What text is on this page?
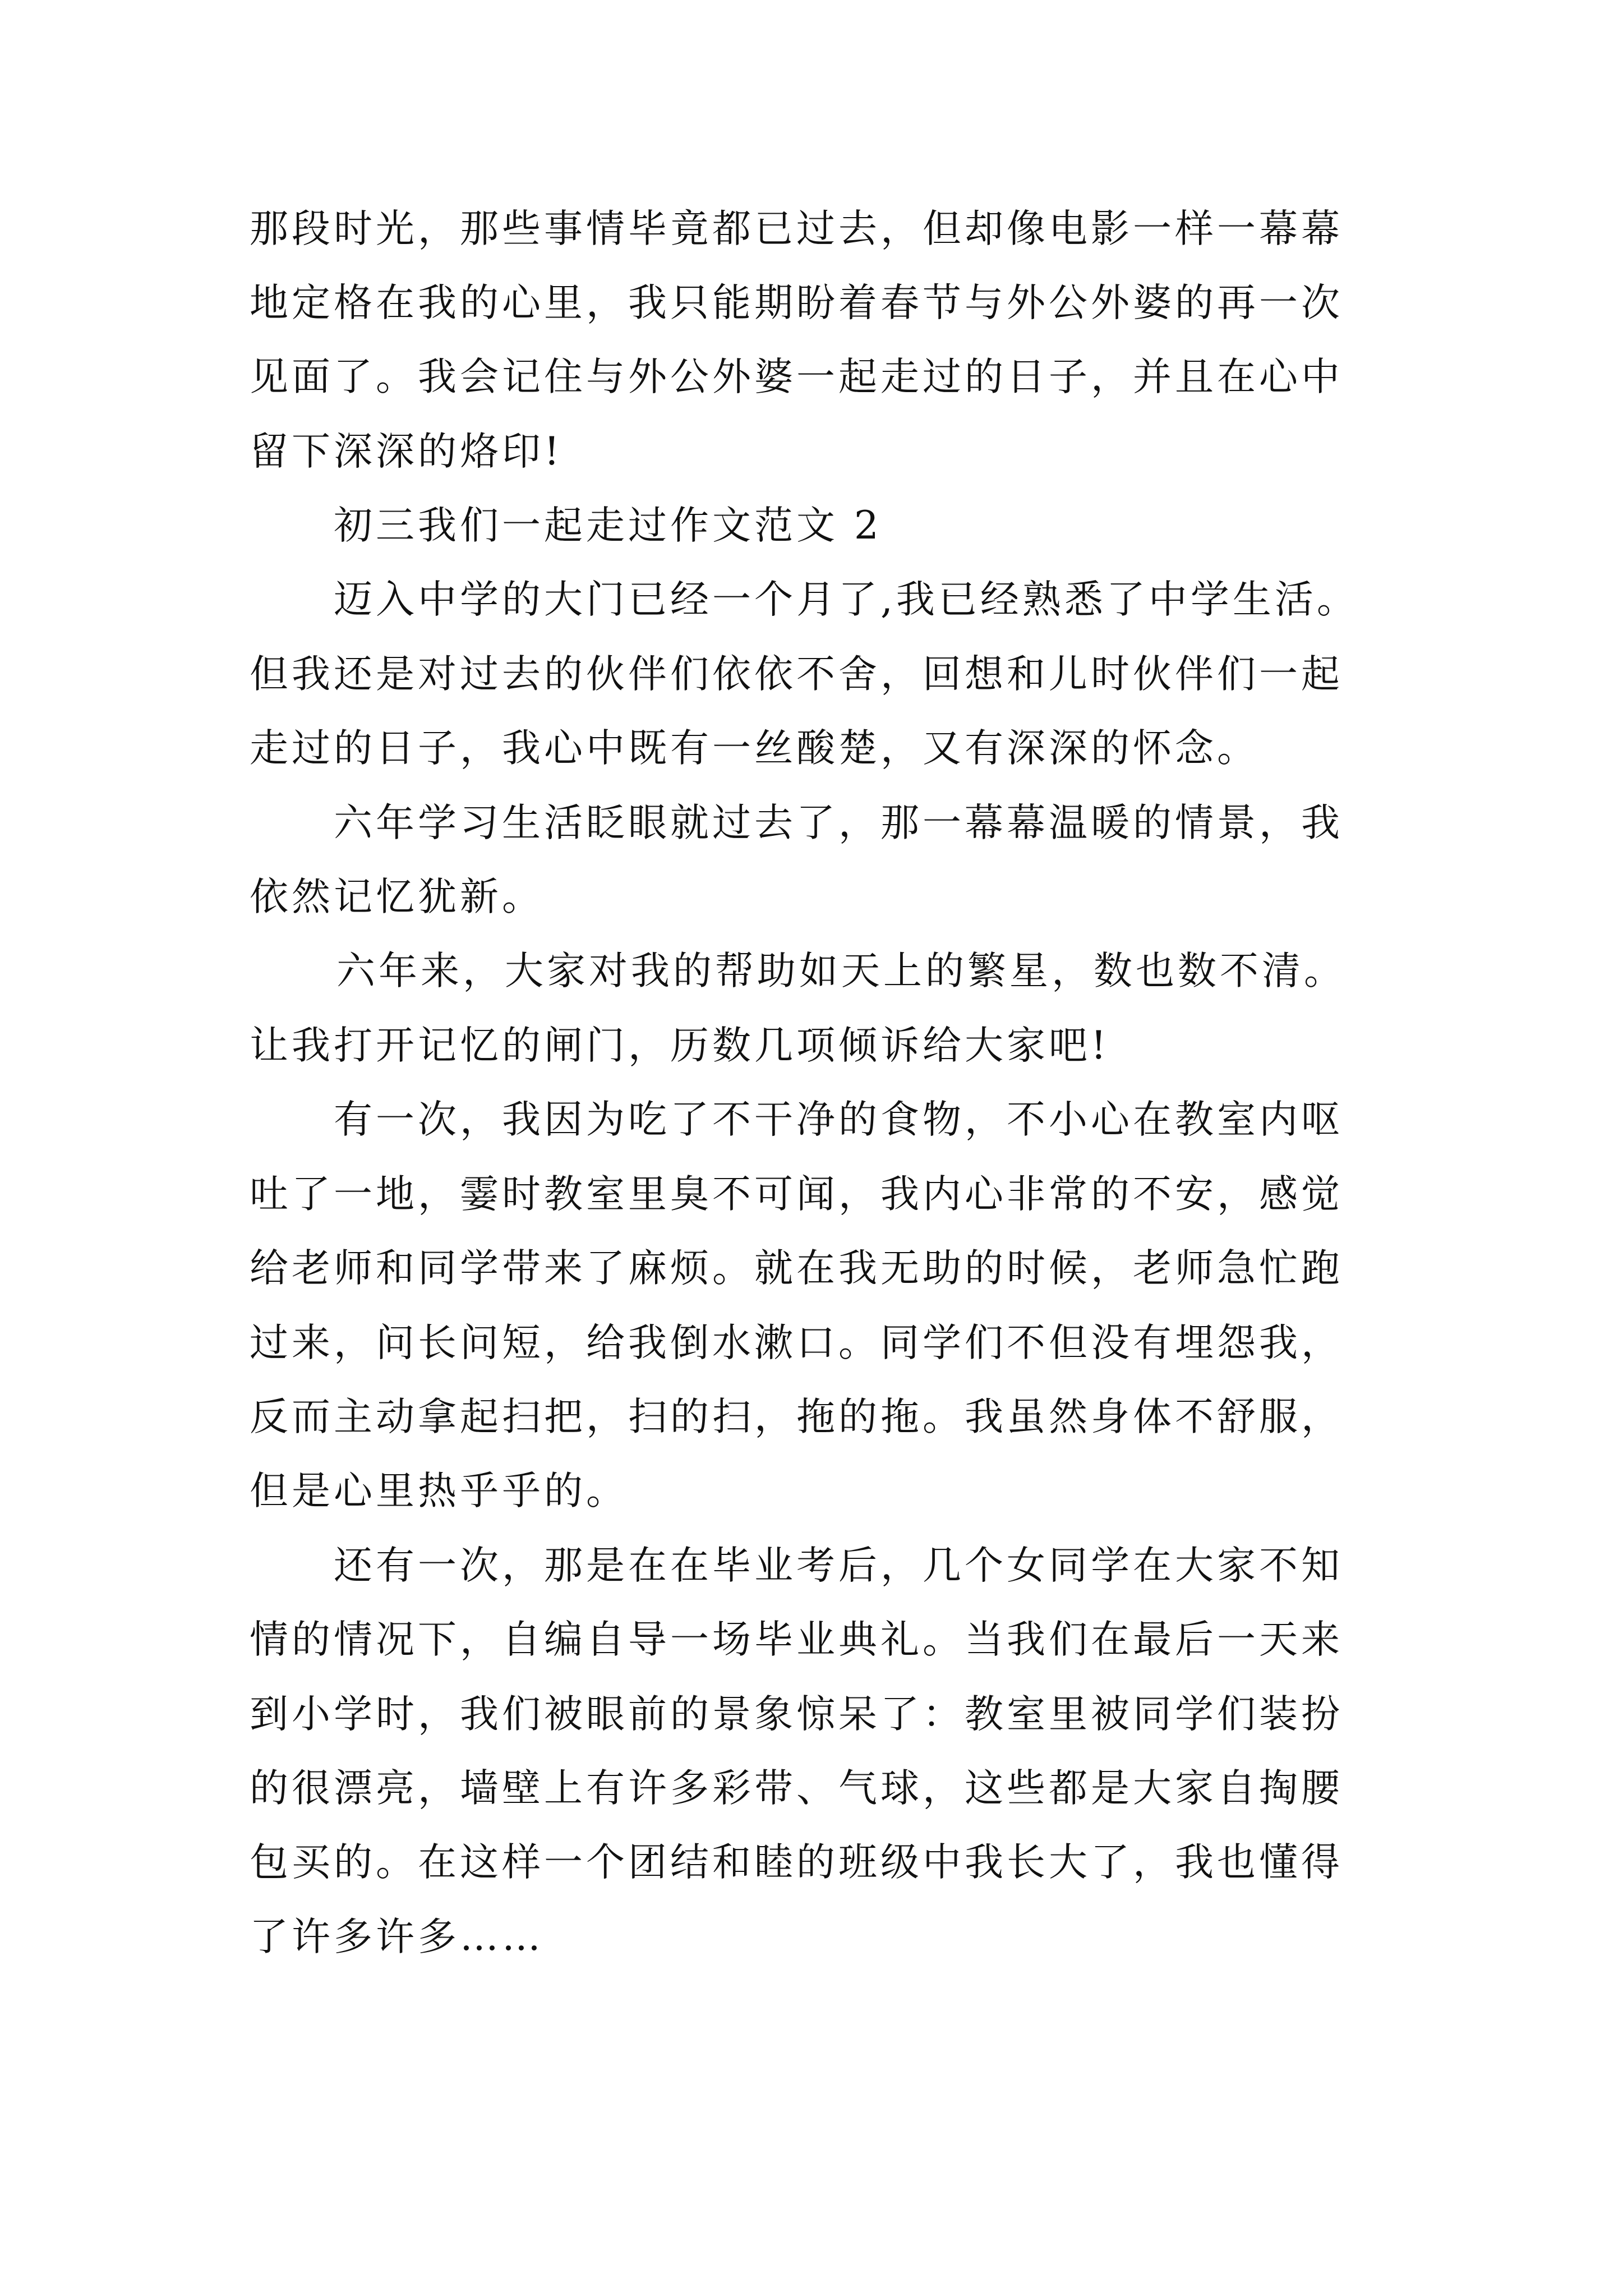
那段时光，那些事情毕竟都已过去，但却像电影一样一幕幕
地定格在我的心里，我只能期盼着春节与外公外婆的再一次
见面了。我会记住与外公外婆一起走过的日子，并且在心中
留下深深的烙印!
初三我们一起走过作文范文 2
迈入中学的大门已经一个月了,我已经熟悉了中学生活。
但我还是对过去的伙伴们依依不舍，回想和儿时伙伴们一起
走过的日子，我心中既有一丝酸楚，又有深深的怀念。
六年学习生活眨眼就过去了，那一幕幕温暖的情景，我
依然记忆犹新。
六年来，大家对我的帮助如天上的繁星，数也数不清。
让我打开记忆的闸门，历数几项倾诉给大家吧!
有一次，我因为吃了不干净的食物，不小心在教室内呕
吐了一地，霎时教室里臭不可闻，我内心非常的不安，感觉
给老师和同学带来了麻烦。就在我无助的时候，老师急忙跑
过来，问长问短，给我倒水漱口。同学们不但没有埋怨我，
反而主动拿起扫把，扫的扫，拖的拖。我虽然身体不舒服，
但是心里热乎乎的。
还有一次，那是在在毕业考后，几个女同学在大家不知
情的情况下，自编自导一场毕业典礼。当我们在最后一天来
到小学时，我们被眼前的景象惊呆了：教室里被同学们装扮
的很漂亮，墙壁上有许多彩带、气球，这些都是大家自掏腰
包买的。在这样一个团结和睦的班级中我长大了，我也懂得
了许多许多……
